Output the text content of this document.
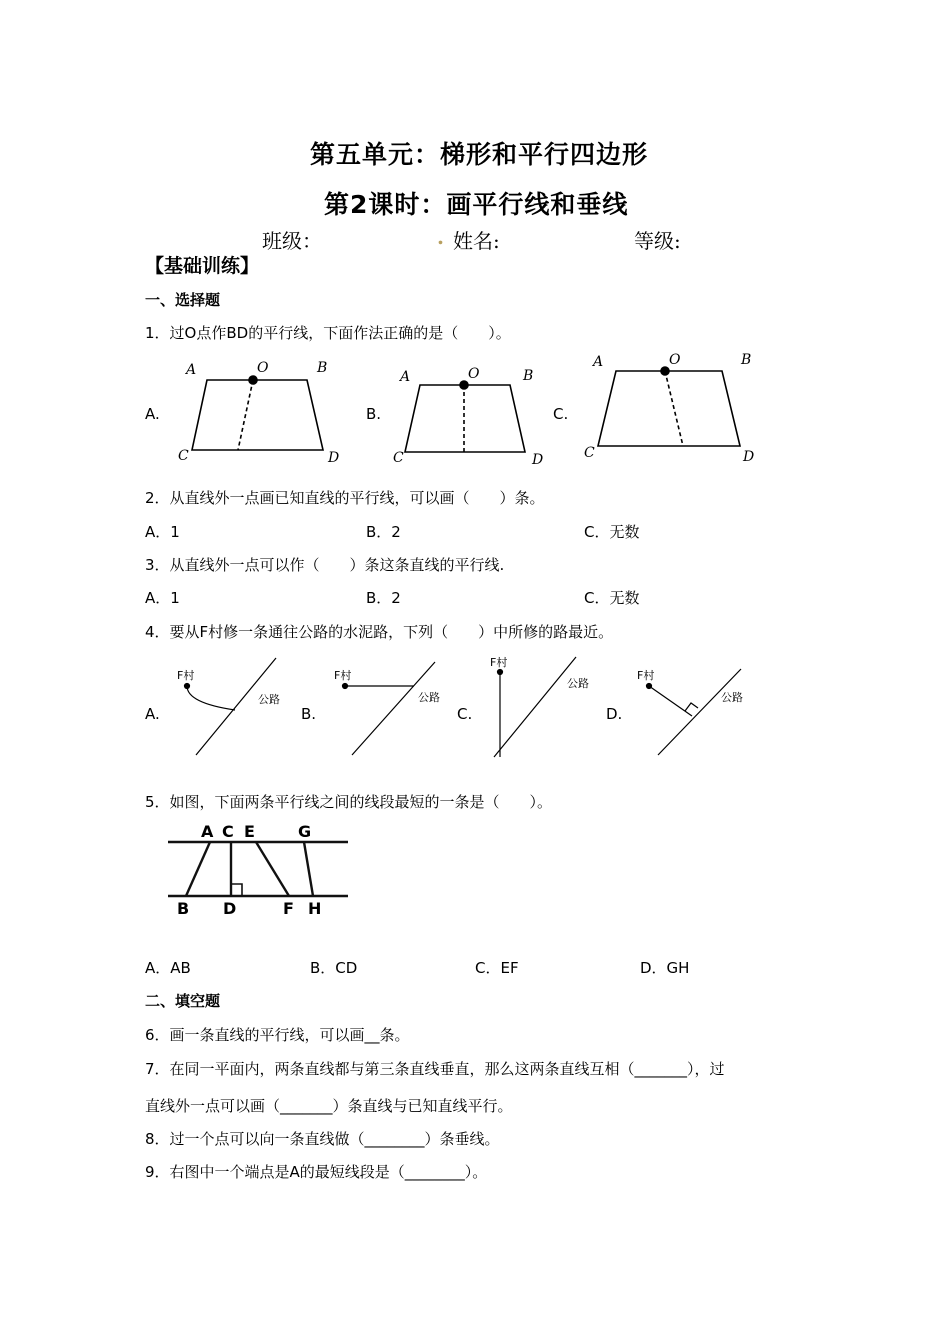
第五单元：梯形和平行四边形
第2课时：画平行线和垂线
班级：	. 姓名:	等级:
【基础训练】
一、选择题
1．过O点作BD的平行线，下面作法正确的是（　　）。
A.	B.	C.
A	O	B
C	D
A	O	B
C	D
A	O	B
C	D
2．从直线外一点画已知直线的平行线，可以画（　　）条。
A．1	B．2	C．无数
3．从直线外一点可以作（　　）条这条直线的平行线.
A．1	B．2	C．无数
4．要从F村修一条通往公路的水泥路，下列（　　）中所修的路最近。
A.	B.	C.	D.
F村
公路
F村
公路
F村
公路
F村
公路
5．如图，下面两条平行线之间的线段最短的一条是（　　）。
A C E	G
B D	F H
A．AB	B．CD	C．EF	D．GH
二、填空题
6．画一条直线的平行线，可以画__条。
7．在同一平面内，两条直线都与第三条直线垂直，那么这两条直线互相（_______），过
直线外一点可以画（_______）条直线与已知直线平行。
8．过一个点可以向一条直线做（________）条垂线。
9．右图中一个端点是A的最短线段是（________）。
